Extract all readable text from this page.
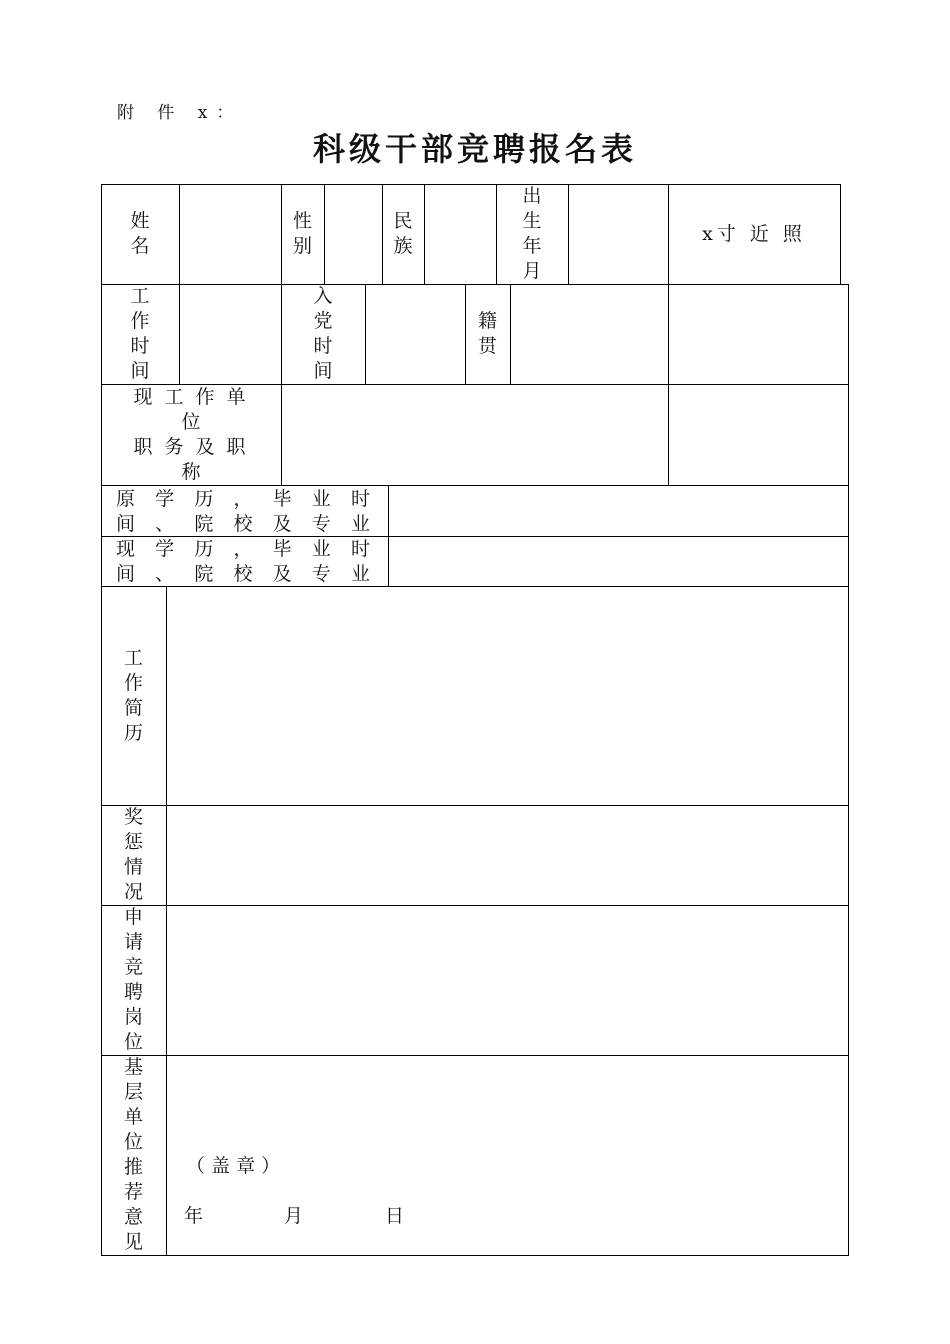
附 件 x：
科级干部竞聘报名表
姓名
性别
民族
出生年月
x寸 近 照
工作时间
入党时间
籍贯
现 工 作 单
位
职 务 及 职
称
原 学 历 ， 毕 业 时
间 、 院 校 及 专 业
现 学 历 ， 毕 业 时
间 、 院 校 及 专 业
工作简历
奖惩情况
申请竞聘岗位
基层单位推荐意见
（ 盖 章 ）
年	月	日
